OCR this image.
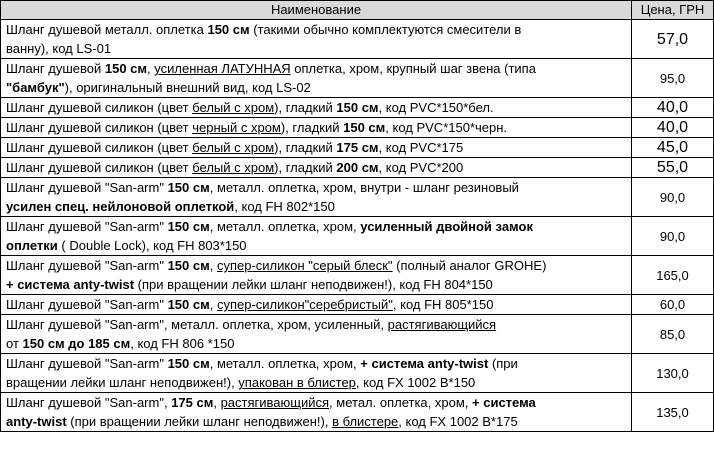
Наименование	Цена, ГРН

Шланг душевой металл. оплетка 150 см (такими обычно комплектуются смесители в
ванну), код LS-01	57,0

Шланг душевой 150 см, усиленная ЛАТУННАЯ оплетка, хром, крупный шаг звена (типа
"бамбук"), оригинальный внешний вид, код LS-02	95,0

Шланг душевой силикон (цвет белый с хром), гладкий 150 см, код PVC*150*бел.	40,0

Шланг душевой силикон (цвет черный с хром), гладкий 150 см, код PVC*150*черн.	40,0

Шланг душевой силикон (цвет белый с хром), гладкий 175 см, код PVC*175	45,0

Шланг душевой силикон (цвет белый с хром), гладкий 200 см, код PVC*200	55,0

Шланг душевой "San-arm" 150 см, металл. оплетка, хром, внутри - шланг резиновый
усилен спец. нейлоновой оплеткой, код FH 802*150	90,0

Шланг душевой "San-arm" 150 см, металл. оплетка, хром, усиленный двойной замок
оплетки ( Double Lock), код FH 803*150	90,0

Шланг душевой "San-arm" 150 см, супер-силикон "серый блеск" (полный аналог GROHE)
+ система anty-twist (при вращении лейки шланг неподвижен!), код FH 804*150	165,0

Шланг душевой "San-arm" 150 см, супер-силикон"серебристый", код FH 805*150	60,0

Шланг душевой "San-arm", металл. оплетка, хром, усиленный, растягивающийся
от 150 см до 185 см, код FH 806 *150	85,0

Шланг душевой "San-arm" 150 см, металл. оплетка, хром, + система anty-twist (при
вращении лейки шланг неподвижен!), упакован в блистер, код FX 1002 В*150	130,0

Шланг душевой "San-arm", 175 см, растягивающийся, метал. оплетка, хром, + система
anty-twist (при вращении лейки шланг неподвижен!), в блистере, код FX 1002 В*175	135,0
